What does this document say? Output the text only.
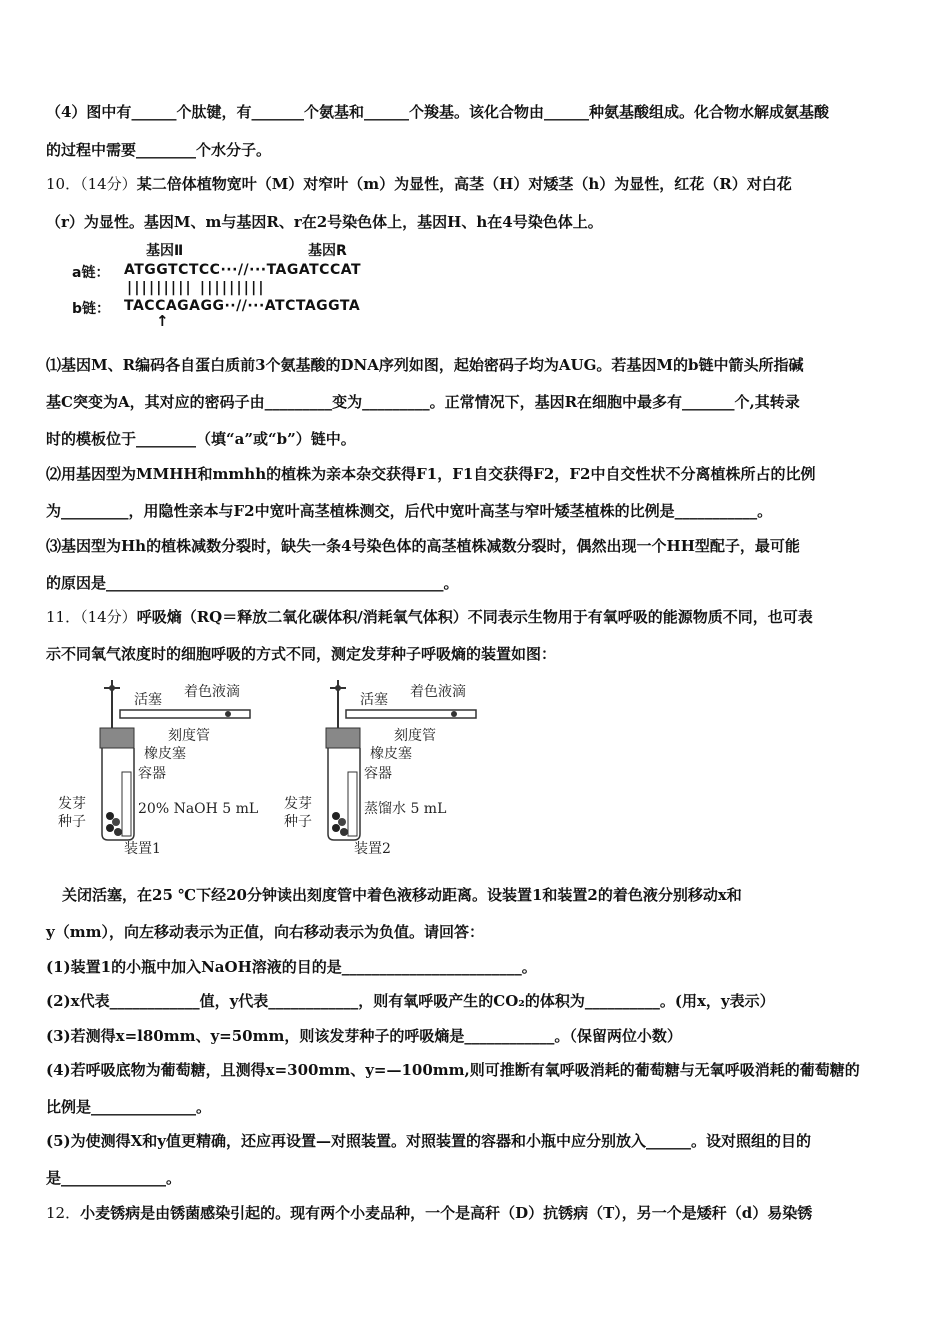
（4）图中有______个肽键，有_______个氨基和______个羧基。该化合物由______种氨基酸组成。化合物水解成氨基酸
的过程中需要________个水分子。
10．（14分）某二倍体植物宽叶（M）对窄叶（m）为显性，高茎（H）对矮茎（h）为显性，红花（R）对白花
（r）为显性。基因M、m与基因R、r在2号染色体上，基因H、h在4号染色体上。
基因Ⅱ	基因R
a链： ATGGTCTCC···//···TAGATCCAT
||||||||| |||||||||
b链： TACCAGAGG··//···ATCTAGGTA
↑
⑴基因M、R编码各自蛋白质前3个氨基酸的DNA序列如图，起始密码子均为AUG。若基因M的b链中箭头所指碱
基C突变为A，其对应的密码子由_________变为_________。正常情况下，基因R在细胞中最多有_______个,其转录
时的模板位于________（填“a”或“b”）链中。
⑵用基因型为MMHH和mmhh的植株为亲本杂交获得F1，F1自交获得F2，F2中自交性状不分离植株所占的比例
为_________，用隐性亲本与F2中宽叶高茎植株测交，后代中宽叶高茎与窄叶矮茎植株的比例是___________。
⑶基因型为Hh的植株减数分裂时，缺失一条4号染色体的高茎植株减数分裂时，偶然出现一个HH型配子，最可能
的原因是_____________________________________________。
11．（14分）呼吸熵（RQ＝释放二氧化碳体积/消耗氧气体积）不同表示生物用于有氧呼吸的能源物质不同，也可表
示不同氧气浓度时的细胞呼吸的方式不同，测定发芽种子呼吸熵的装置如图：
活塞 着色液滴
刻度管
橡皮塞
容器
发芽
种子
20% NaOH 5 mL
装置1
活塞 着色液滴
刻度管
橡皮塞
容器
发芽
种子
蒸馏水 5 mL
装置2
关闭活塞，在25 ℃下经20分钟读出刻度管中着色液移动距离。设装置1和装置2的着色液分别移动x和
y（mm），向左移动表示为正值，向右移动表示为负值。请回答：
(1)装置1的小瓶中加入NaOH溶液的目的是________________________。
(2)x代表____________值，y代表____________，则有氧呼吸产生的CO₂的体积为__________。(用x，y表示）
(3)若测得x=l80mm、y=50mm，则该发芽种子的呼吸熵是____________。（保留两位小数）
(4)若呼吸底物为葡萄糖，且测得x=300mm、y=—100mm,则可推断有氧呼吸消耗的葡萄糖与无氧呼吸消耗的葡萄糖的
比例是______________。
(5)为使测得X和y值更精确，还应再设置—对照装置。对照装置的容器和小瓶中应分别放入______。设对照组的目的
是______________。
12．小麦锈病是由锈菌感染引起的。现有两个小麦品种，一个是高秆（D）抗锈病（T），另一个是矮秆（d）易染锈
